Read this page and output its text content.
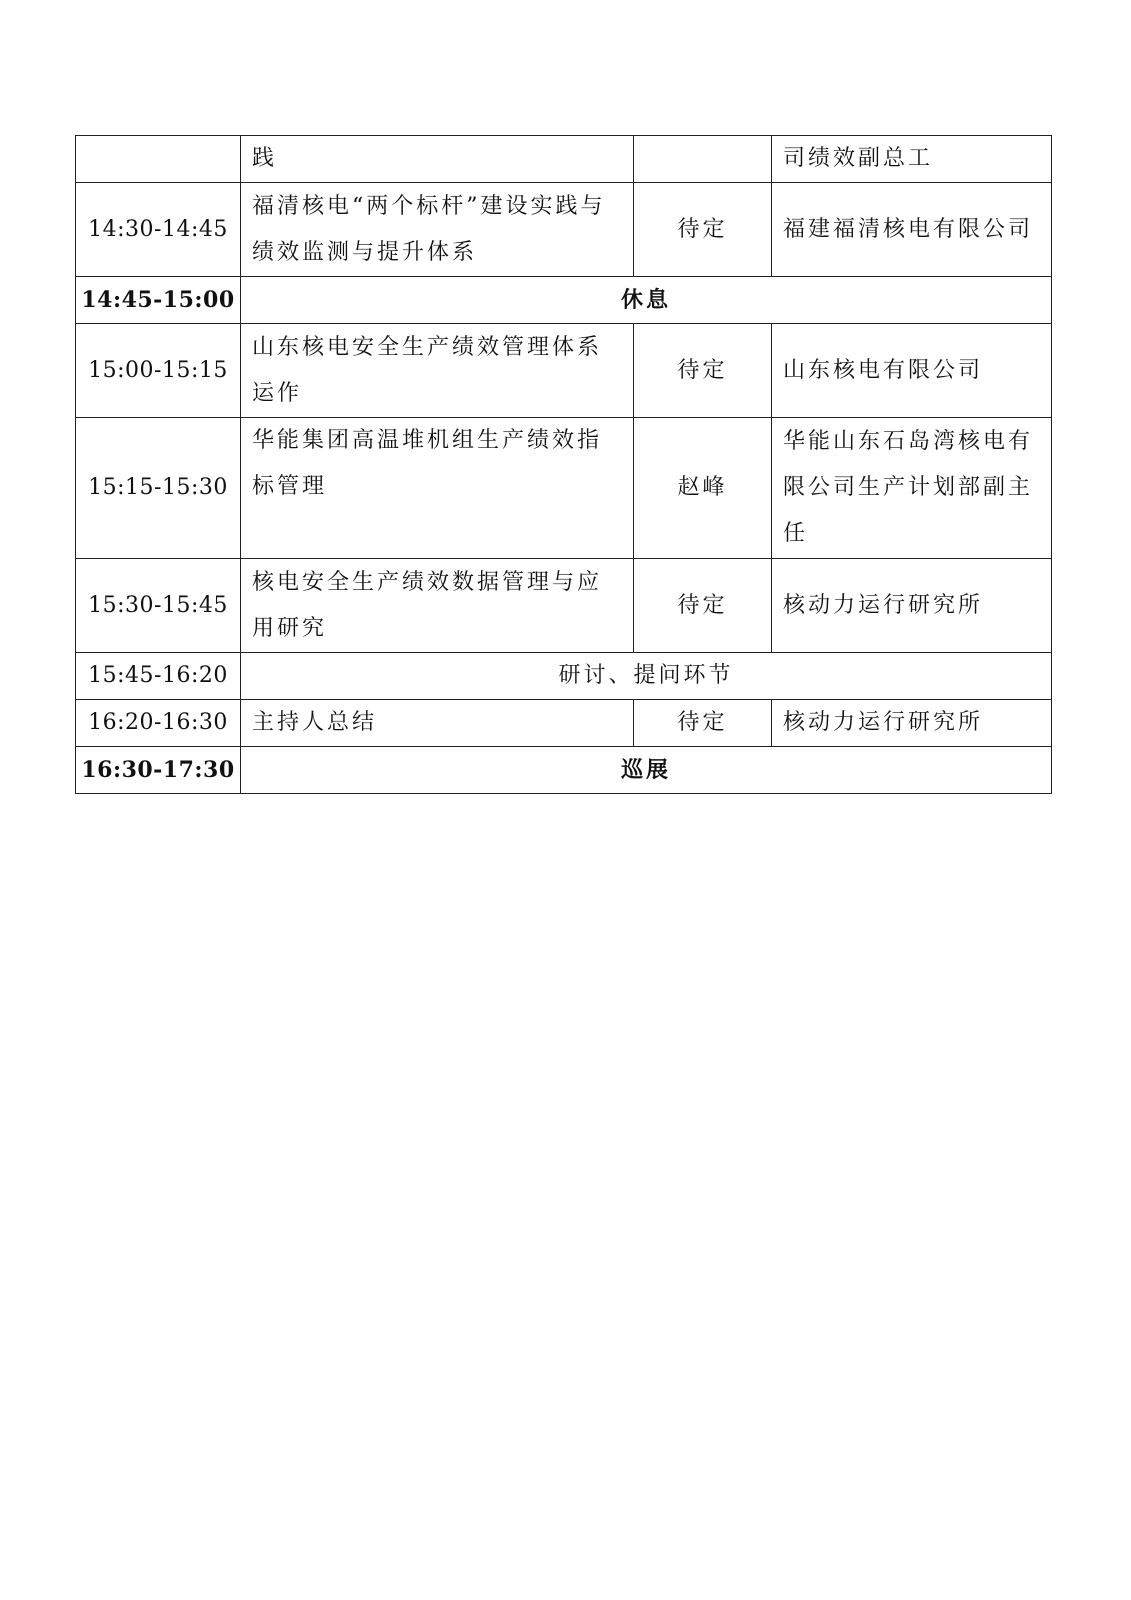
	践		司绩效副总工
14:30-14:45	福清核电“两个标杆”建设实践与绩效监测与提升体系	待定	福建福清核电有限公司
14:45-15:00	休息		
15:00-15:15	山东核电安全生产绩效管理体系运作	待定	山东核电有限公司
15:15-15:30	华能集团高温堆机组生产绩效指标管理	赵峰	华能山东石岛湾核电有限公司生产计划部副主任
15:30-15:45	核电安全生产绩效数据管理与应用研究	待定	核动力运行研究所
15:45-16:20	研讨、提问环节		
16:20-16:30	主持人总结	待定	核动力运行研究所
16:30-17:30	巡展		
